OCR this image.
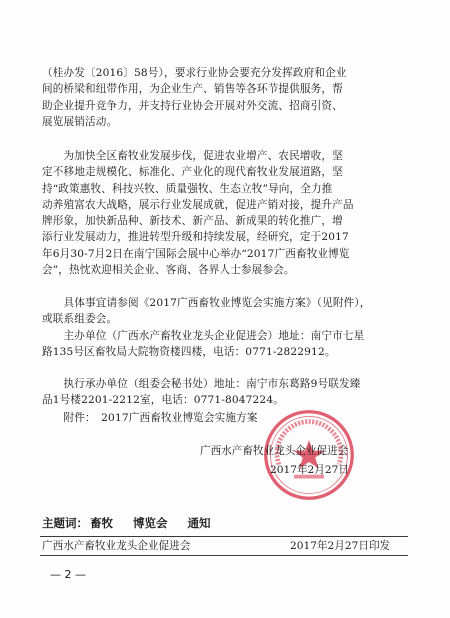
（桂办发〔2016〕58号），要求行业协会要充分发挥政府和企业
间的桥梁和纽带作用，为企业生产、销售等各环节提供服务，帮
助企业提升竞争力，并支持行业协会开展对外交流、招商引资、
展览展销活动。

　　为加快全区畜牧业发展步伐，促进农业增产、农民增收，坚
定不移地走规模化、标准化、产业化的现代畜牧业发展道路，坚
持“政策惠牧、科技兴牧、质量强牧、生态立牧”导向，全力推
动养殖富农大战略，展示行业发展成就，促进产销对接，提升产品
牌形象，加快新品种、新技术、新产品、新成果的转化推广，增
添行业发展动力，推进转型升级和持续发展，经研究，定于2017
年6月30-7月2日在南宁国际会展中心举办“2017广西畜牧业博览
会”，热忱欢迎相关企业、客商、各界人士参展参会。

　　具体事宜请参阅《2017广西畜牧业博览会实施方案》（见附件），
或联系组委会。

　　主办单位（广西水产畜牧业龙头企业促进会）地址：南宁市七星
路135号区畜牧局大院物资楼四楼，电话：0771-2822912。

　　执行承办单位（组委会秘书处）地址：南宁市东葛路9号联发臻
品1号楼2201-2212室，电话：0771-8047224。

　　附件：　2017广西畜牧业博览会实施方案

广西水产畜牧业龙头企业促进会
2017年2月27日
主题词： 畜牧 博览会 通知
广西水产畜牧业龙头企业促进会	2017年2月27日印发
— 2 —
